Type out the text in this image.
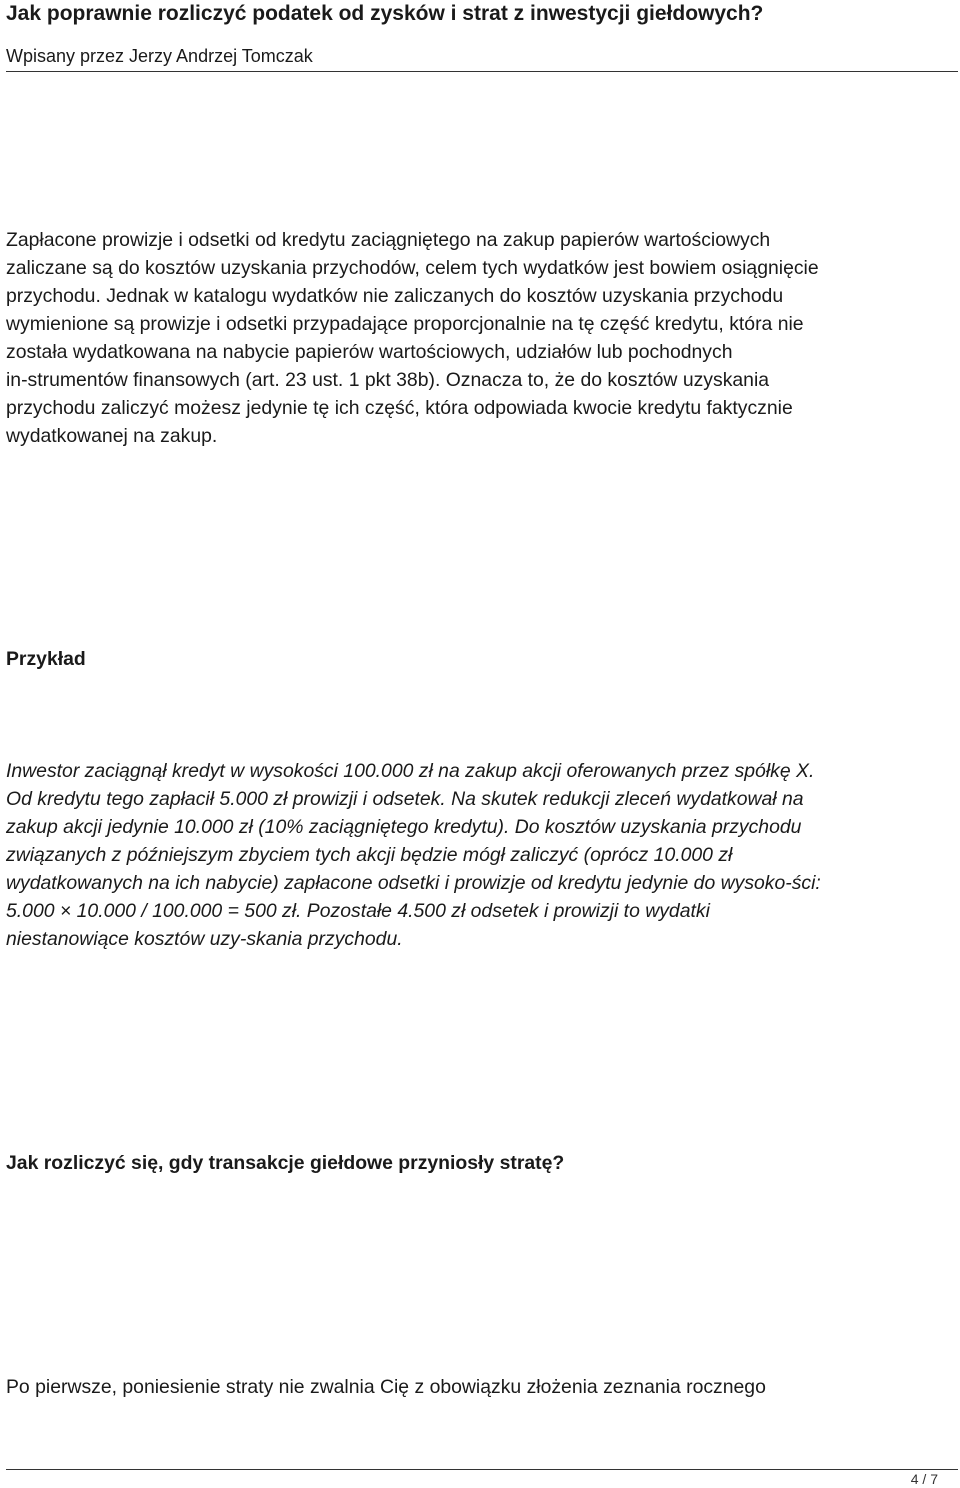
Jak poprawnie rozliczyć podatek od zysków i strat z inwestycji giełdowych?
Wpisany przez Jerzy Andrzej Tomczak

Zapłacone prowizje i odsetki od kredytu zaciągniętego na zakup papierów wartościowych
zaliczane są do kosztów uzyskania przychodów, celem tych wydatków jest bowiem osiągnięcie
przychodu. Jednak w katalogu wydatków nie zaliczanych do kosztów uzyskania przychodu
wymienione są prowizje i odsetki przypadające proporcjonalnie na tę część kredytu, która nie
została wydatkowana na nabycie papierów wartościowych, udziałów lub pochodnych
in-strumentów finansowych (art. 23 ust. 1 pkt 38b). Oznacza to, że do kosztów uzyskania
przychodu zaliczyć możesz jedynie tę ich część, która odpowiada kwocie kredytu faktycznie
wydatkowanej na zakup.

Przykład

Inwestor zaciągnął kredyt w wysokości 100.000 zł na zakup akcji oferowanych przez spółkę X.
Od kredytu tego zapłacił 5.000 zł prowizji i odsetek. Na skutek redukcji zleceń wydatkował na
zakup akcji jedynie 10.000 zł (10% zaciągniętego kredytu). Do kosztów uzyskania przychodu
związanych z późniejszym zbyciem tych akcji będzie mógł zaliczyć (oprócz 10.000 zł
wydatkowanych na ich nabycie) zapłacone odsetki i prowizje od kredytu jedynie do wysoko-ści:
5.000 × 10.000 / 100.000 = 500 zł. Pozostałe 4.500 zł odsetek i prowizji to wydatki
niestanowiące kosztów uzy-skania przychodu.

Jak rozliczyć się, gdy transakcje giełdowe przyniosły stratę?

Po pierwsze, poniesienie straty nie zwalnia Cię z obowiązku złożenia zeznania rocznego

4 / 7
